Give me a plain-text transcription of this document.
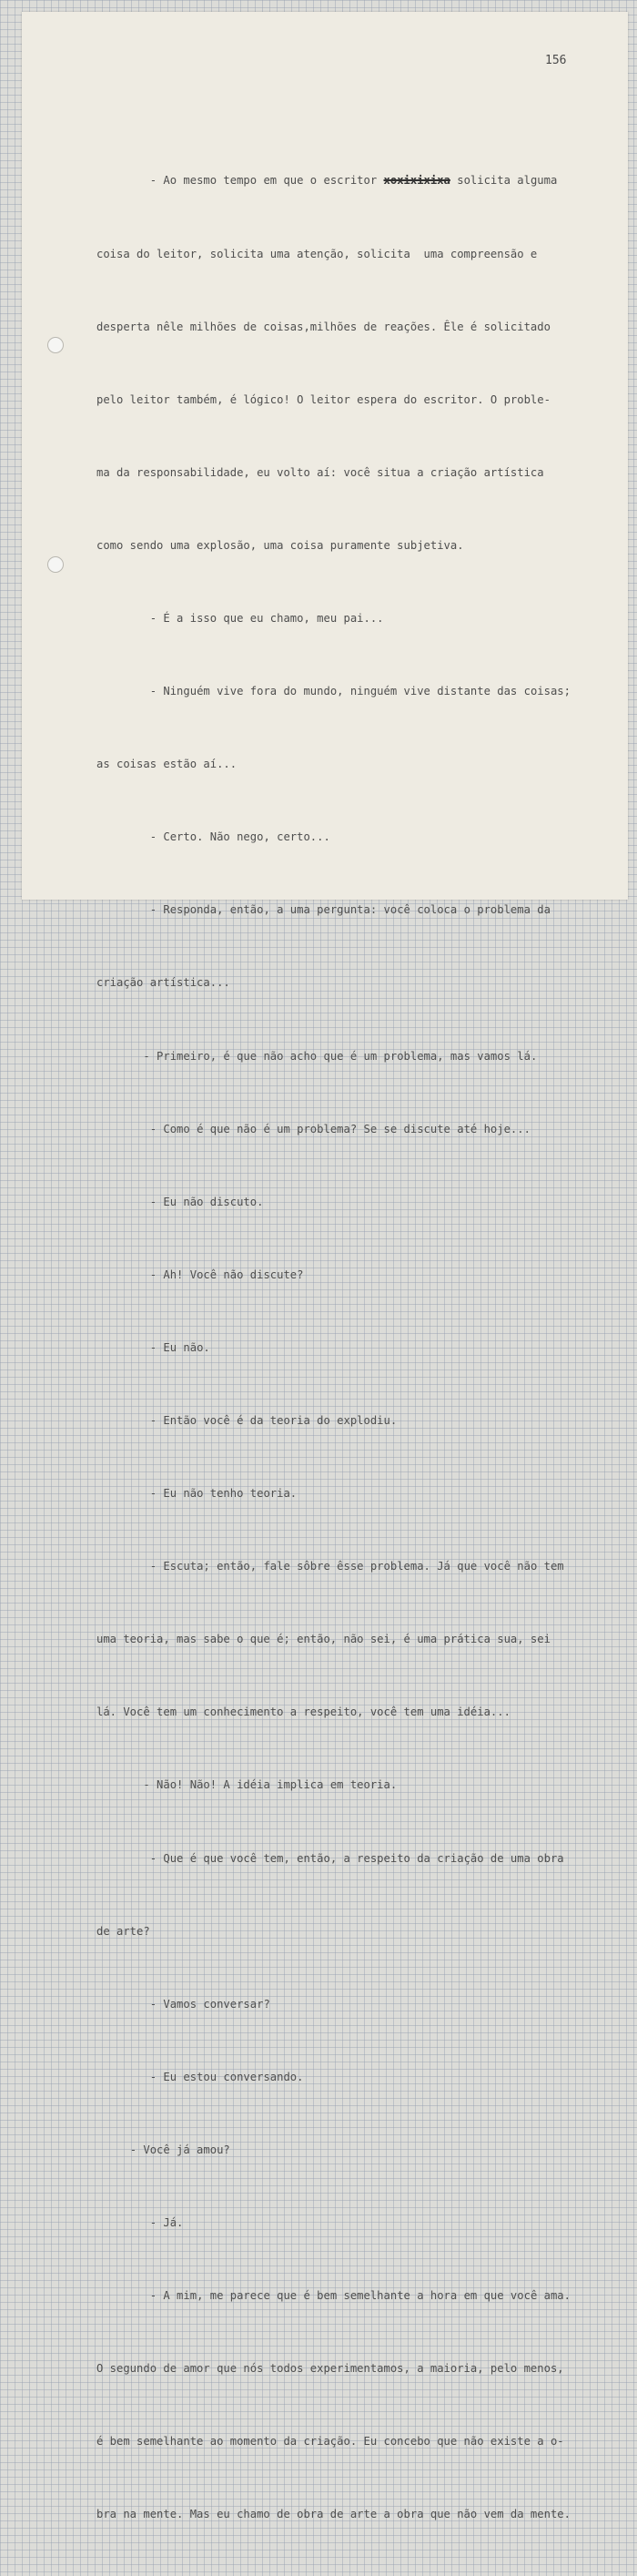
156

- Ao mesmo tempo em que o escritor xoxixixixa solicita alguma

coisa do leitor, solicita uma atenção, solicita  uma compreensão e

desperta nêle milhões de coisas,milhões de reações. Êle é solicitado

pelo leitor também, é lógico! O leitor espera do escritor. O proble-

ma da responsabilidade, eu volto aí: você situa a criação artística

como sendo uma explosão, uma coisa puramente subjetiva.

- É a isso que eu chamo, meu pai...

- Ninguém vive fora do mundo, ninguém vive distante das coisas;

as coisas estão aí...

- Certo. Não nego, certo...

- Responda, então, a uma pergunta: você coloca o problema da

criação artística...

- Primeiro, é que não acho que é um problema, mas vamos lá.

- Como é que não é um problema? Se se discute até hoje...

- Eu não discuto.

- Ah! Você não discute?

- Eu não.

- Então você é da teoria do explodiu.

- Eu não tenho teoria.

- Escuta; então, fale sôbre êsse problema. Já que você não tem

uma teoria, mas sabe o que é; então, não sei, é uma prática sua, sei

lá. Você tem um conhecimento a respeito, você tem uma idéia...

- Não! Não! A idéia implica em teoria.

- Que é que você tem, então, a respeito da criação de uma obra

de arte?

- Vamos conversar?

- Eu estou conversando.

- Você já amou?

- Já.

- A mim, me parece que é bem semelhante a hora em que você ama.

O segundo de amor que nós todos experimentamos, a maioria, pelo menos,

é bem semelhante ao momento da criação. Eu concebo que não existe a o-

bra na mente. Mas eu chamo de obra de arte a obra que não vem da mente.
